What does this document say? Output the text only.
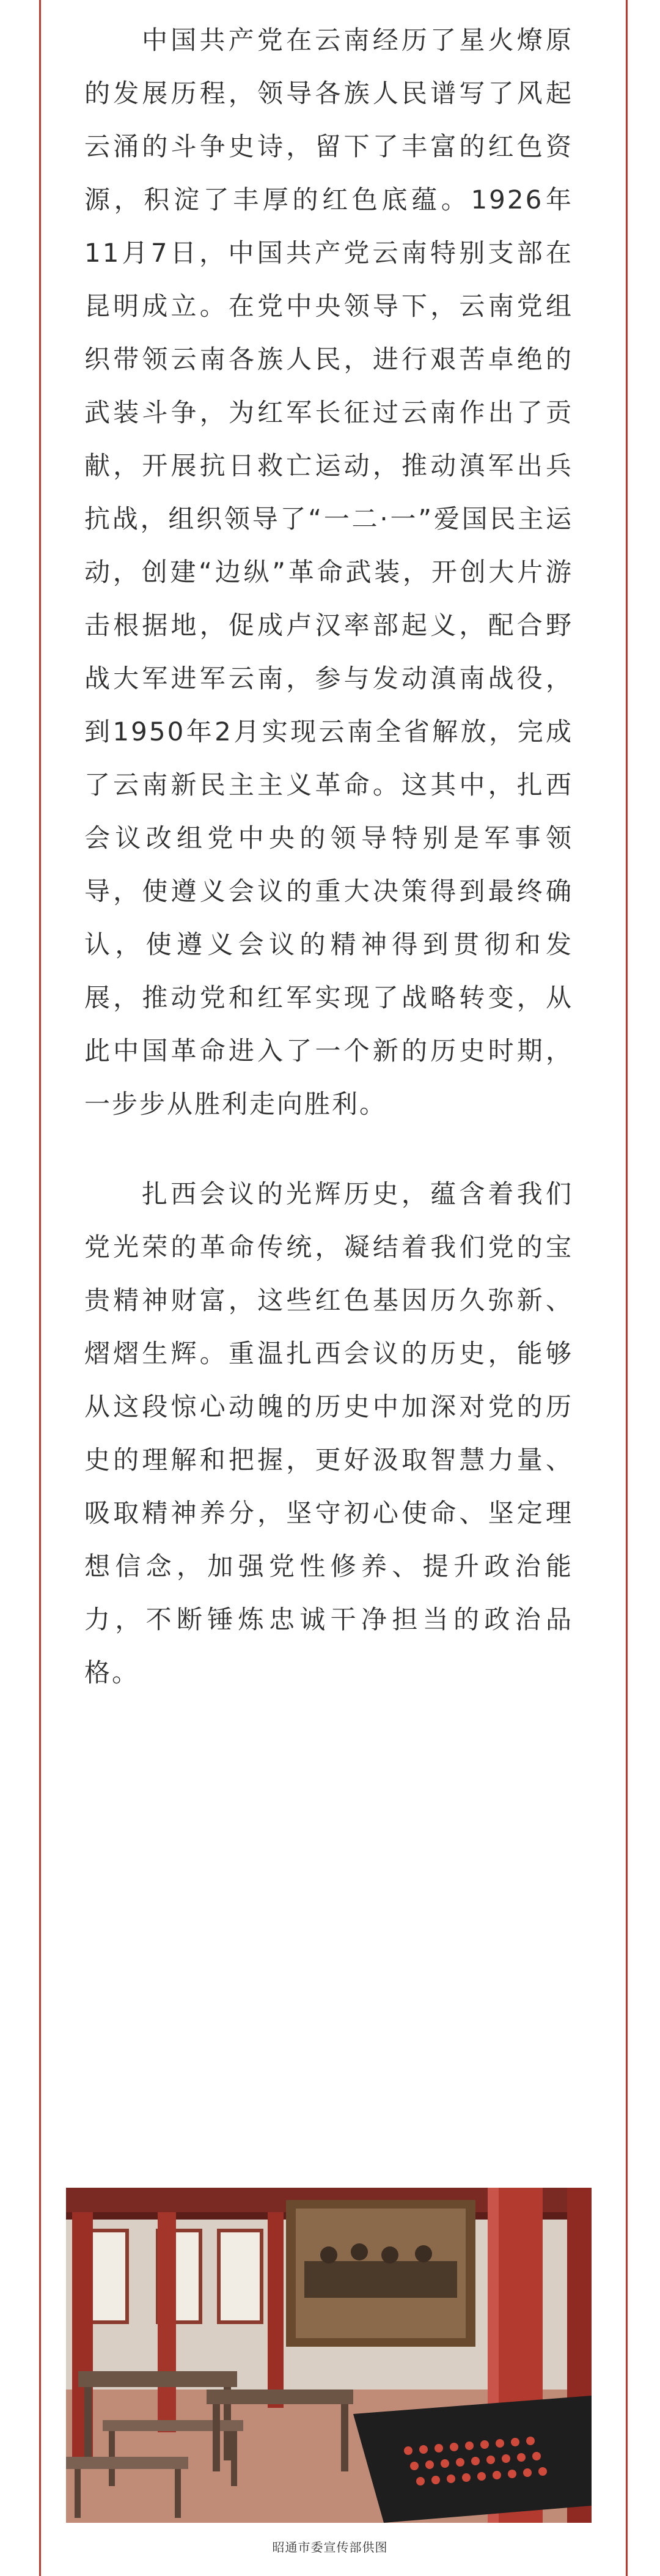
中国共产党在云南经历了星火燎原的发展历程，领导各族人民谱写了风起云涌的斗争史诗，留下了丰富的红色资源，积淀了丰厚的红色底蕴。1926年11月7日，中国共产党云南特别支部在昆明成立。在党中央领导下，云南党组织带领云南各族人民，进行艰苦卓绝的武装斗争，为红军长征过云南作出了贡献，开展抗日救亡运动，推动滇军出兵抗战，组织领导了“一二·一”爱国民主运动，创建“边纵”革命武装，开创大片游击根据地，促成卢汉率部起义，配合野战大军进军云南，参与发动滇南战役，到1950年2月实现云南全省解放，完成了云南新民主主义革命。这其中，扎西会议改组党中央的领导特别是军事领导，使遵义会议的重大决策得到最终确认，使遵义会议的精神得到贯彻和发展，推动党和红军实现了战略转变，从此中国革命进入了一个新的历史时期，一步步从胜利走向胜利。

扎西会议的光辉历史，蕴含着我们党光荣的革命传统，凝结着我们党的宝贵精神财富，这些红色基因历久弥新、熠熠生辉。重温扎西会议的历史，能够从这段惊心动魄的历史中加深对党的历史的理解和把握，更好汲取智慧力量、吸取精神养分，坚守初心使命、坚定理想信念，加强党性修养、提升政治能力，不断锤炼忠诚干净担当的政治品格。

昭通市委宣传部供图
